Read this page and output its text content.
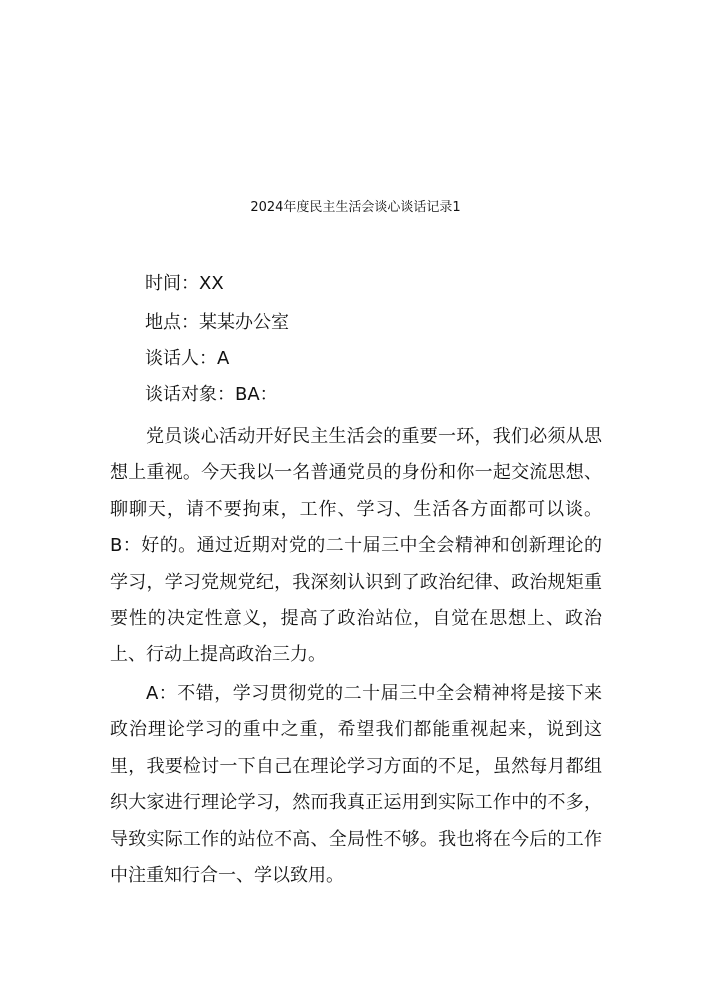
2024年度民主生活会谈心谈话记录1
时间：XX
地点：某某办公室
谈话人：A
谈话对象：BA：

党员谈心活动开好民主生活会的重要一环，我们必须从思想上重视。今天我以一名普通党员的身份和你一起交流思想、聊聊天，请不要拘束，工作、学习、生活各方面都可以谈。B：好的。通过近期对党的二十届三中全会精神和创新理论的学习，学习党规党纪，我深刻认识到了政治纪律、政治规矩重要性的决定性意义，提高了政治站位，自觉在思想上、政治上、行动上提高政治三力。

A：不错，学习贯彻党的二十届三中全会精神将是接下来政治理论学习的重中之重，希望我们都能重视起来，说到这里，我要检讨一下自己在理论学习方面的不足，虽然每月都组织大家进行理论学习，然而我真正运用到实际工作中的不多，导致实际工作的站位不高、全局性不够。我也将在今后的工作中注重知行合一、学以致用。
